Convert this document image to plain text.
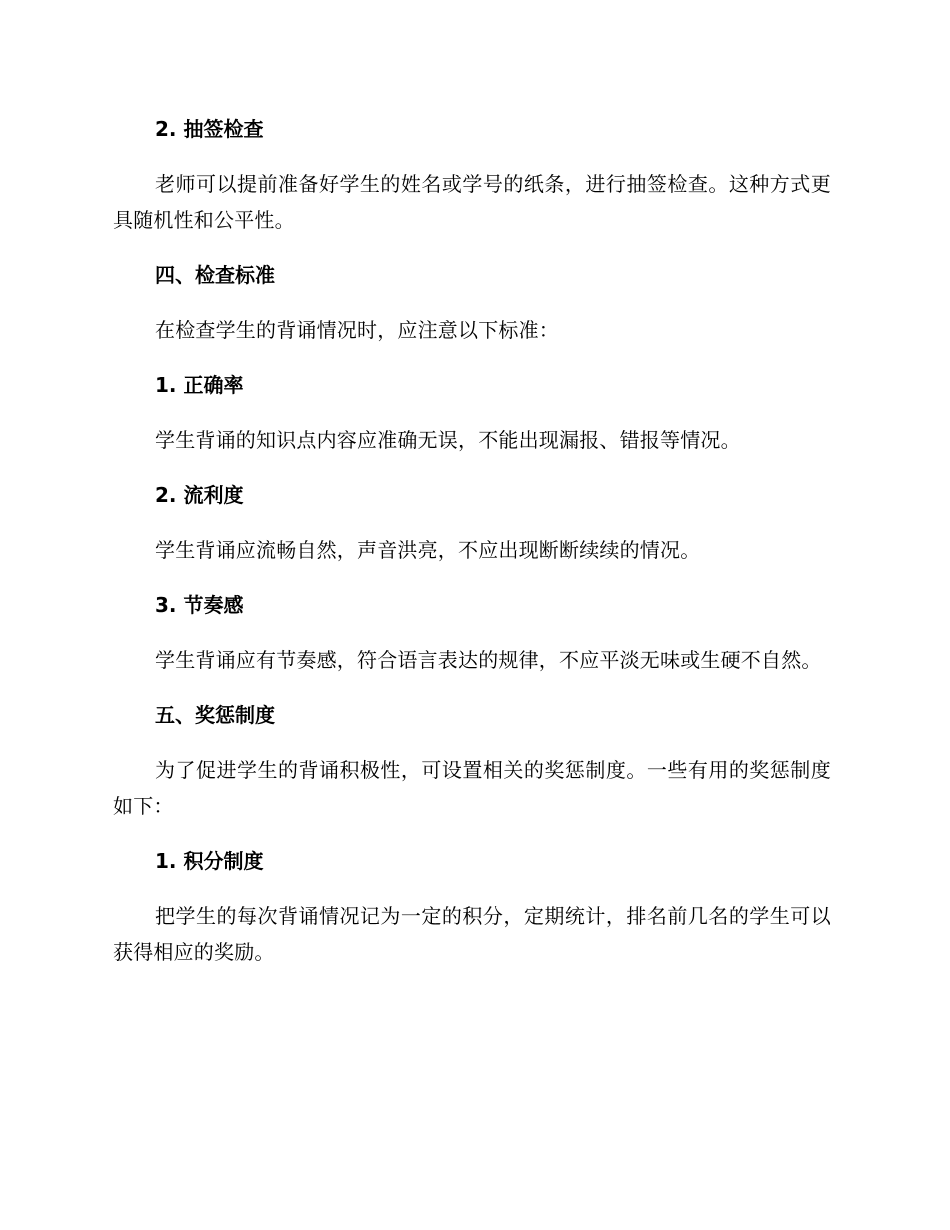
2. 抽签检查
老师可以提前准备好学生的姓名或学号的纸条，进行抽签检查。这种方式更具随机性和公平性。
四、检查标准
在检查学生的背诵情况时，应注意以下标准：
1. 正确率
学生背诵的知识点内容应准确无误，不能出现漏报、错报等情况。
2. 流利度
学生背诵应流畅自然，声音洪亮，不应出现断断续续的情况。
3. 节奏感
学生背诵应有节奏感，符合语言表达的规律，不应平淡无味或生硬不自然。
五、奖惩制度
为了促进学生的背诵积极性，可设置相关的奖惩制度。一些有用的奖惩制度如下：
1. 积分制度
把学生的每次背诵情况记为一定的积分，定期统计，排名前几名的学生可以获得相应的奖励。
